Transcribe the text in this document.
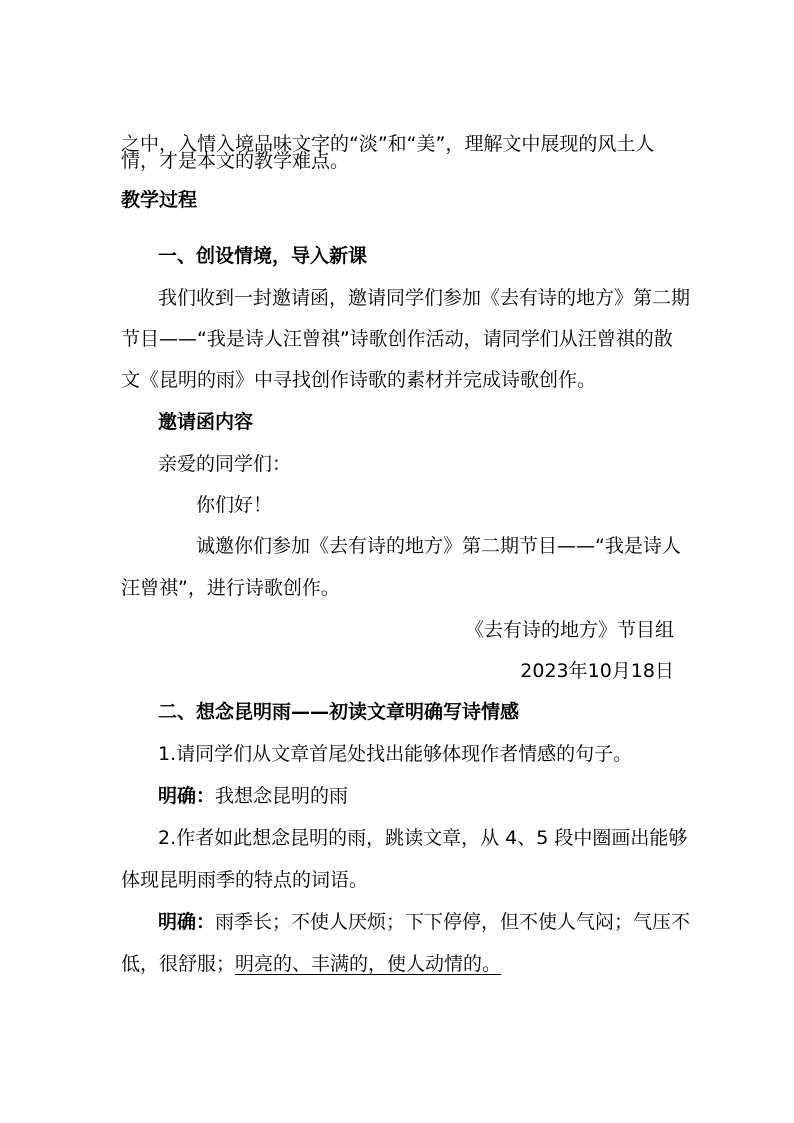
之中，入情入境品味文字的“淡”和“美”，理解文中展现的风土人
情，才是本文的教学难点。
教学过程
一、创设情境，导入新课
我们收到一封邀请函，邀请同学们参加《去有诗的地方》第二期
节目——“我是诗人汪曾祺”诗歌创作活动，请同学们从汪曾祺的散
文《昆明的雨》中寻找创作诗歌的素材并完成诗歌创作。
邀请函内容
亲爱的同学们：
你们好！
诚邀你们参加《去有诗的地方》第二期节目——“我是诗人
汪曾祺”，进行诗歌创作。
《去有诗的地方》节目组
2023年10月18日
二、想念昆明雨——初读文章明确写诗情感
1.请同学们从文章首尾处找出能够体现作者情感的句子。
明确：我想念昆明的雨
2.作者如此想念昆明的雨，跳读文章，从 4、5 段中圈画出能够
体现昆明雨季的特点的词语。
明确：雨季长；不使人厌烦；下下停停，但不使人气闷；气压不
低，很舒服；明亮的、丰满的，使人动情的。
